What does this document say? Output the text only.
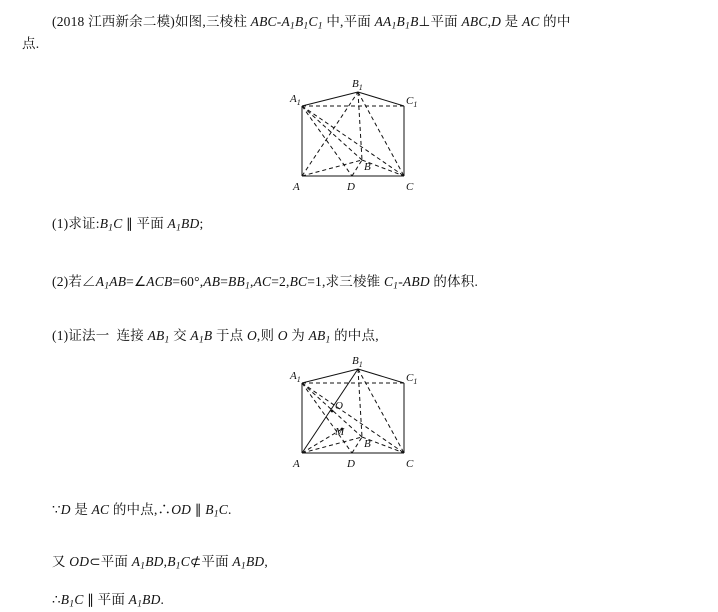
(2018 江西新余二模)如图,三棱柱 ABC-$A_1B_1C_1$ 中,平面 $AA_1B_1B\perp$平面 ABC,D 是 AC 的中
点.
$A_1$
$B_1$
$C_1$
A
B
C
D
(1)求证$:B_1C$ ∥ 平面 $A_1BD$;
(2)若$\angle A_1AB=\angle ACB=60^\circ,AB=BB_1,AC=2,BC=1$,求三棱锥 $C_1$-ABD 的体积.
(1)证法一  连接 $AB_1$ 交 $A_1B$ 于点 O,则 O 为 $AB_1$ 的中点,
$A_1$
$B_1$
$C_1$
A
B
C
D
O
M
∵D 是 AC 的中点,∴OD ∥ $B_1C$.
又 OD⊂平面 $A_1BD,B_1C⊄$平面 $A_1BD$,
$\therefore B_1C$ ∥ 平面 $A_1BD$.
